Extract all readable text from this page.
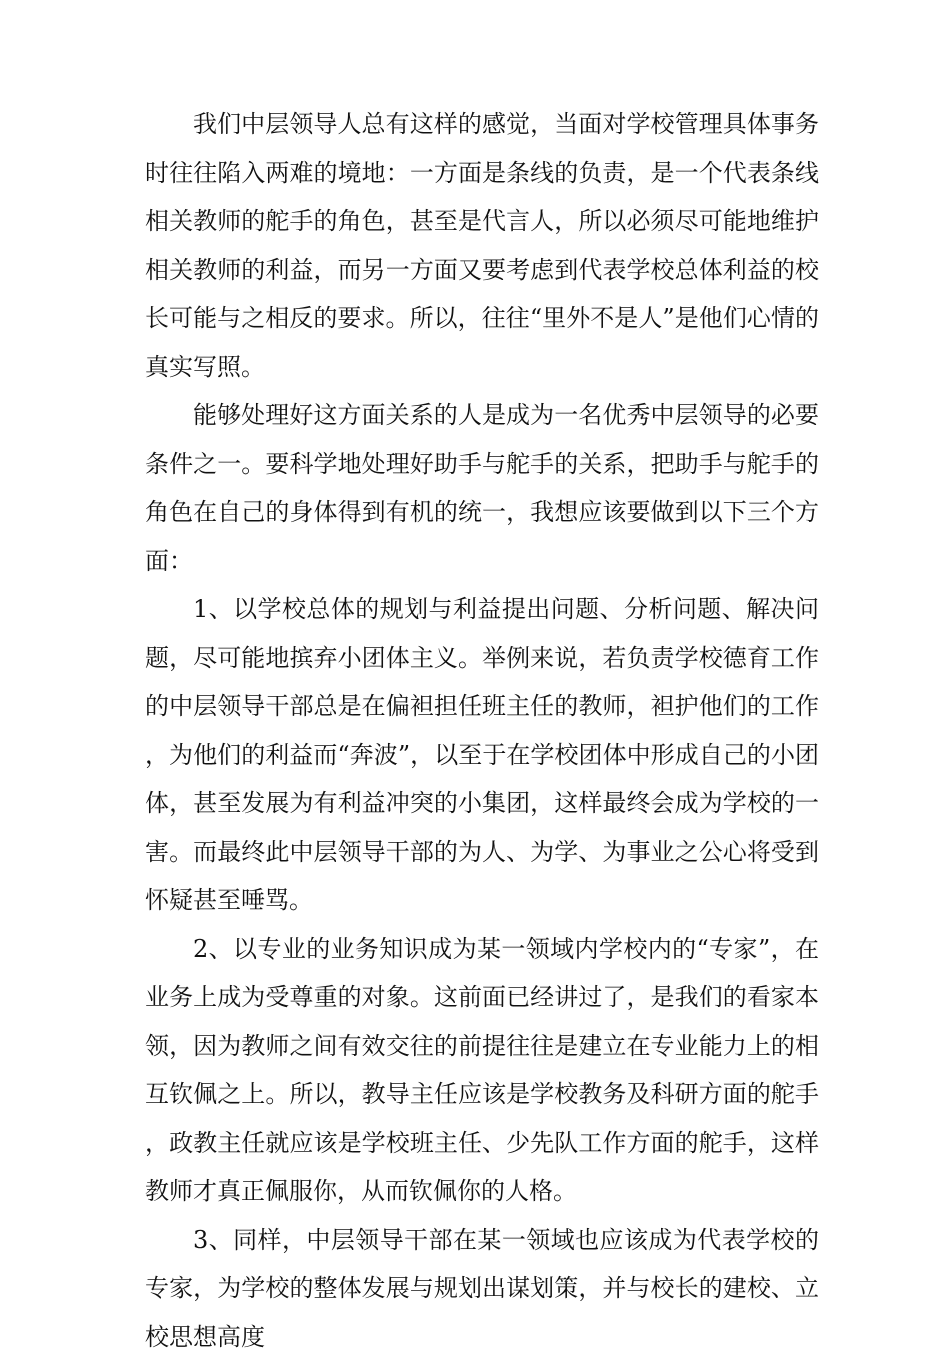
我们中层领导人总有这样的感觉，当面对学校管理具体事务时往往陷入两难的境地：一方面是条线的负责，是一个代表条线相关教师的舵手的角色，甚至是代言人，所以必须尽可能地维护相关教师的利益，而另一方面又要考虑到代表学校总体利益的校长可能与之相反的要求。所以，往往“里外不是人”是他们心情的真实写照。

能够处理好这方面关系的人是成为一名优秀中层领导的必要条件之一。要科学地处理好助手与舵手的关系，把助手与舵手的角色在自己的身体得到有机的统一，我想应该要做到以下三个方面：

1、以学校总体的规划与利益提出问题、分析问题、解决问题，尽可能地摈弃小团体主义。举例来说，若负责学校德育工作的中层领导干部总是在偏袒担任班主任的教师，袒护他们的工作，为他们的利益而“奔波”，以至于在学校团体中形成自己的小团体，甚至发展为有利益冲突的小集团，这样最终会成为学校的一害。而最终此中层领导干部的为人、为学、为事业之公心将受到怀疑甚至唾骂。

2、以专业的业务知识成为某一领域内学校内的“专家”，在业务上成为受尊重的对象。这前面已经讲过了，是我们的看家本领，因为教师之间有效交往的前提往往是建立在专业能力上的相互钦佩之上。所以，教导主任应该是学校教务及科研方面的舵手，政教主任就应该是学校班主任、少先队工作方面的舵手，这样教师才真正佩服你，从而钦佩你的人格。

3、同样，中层领导干部在某一领域也应该成为代表学校的专家，为学校的整体发展与规划出谋划策，并与校长的建校、立校思想高度
